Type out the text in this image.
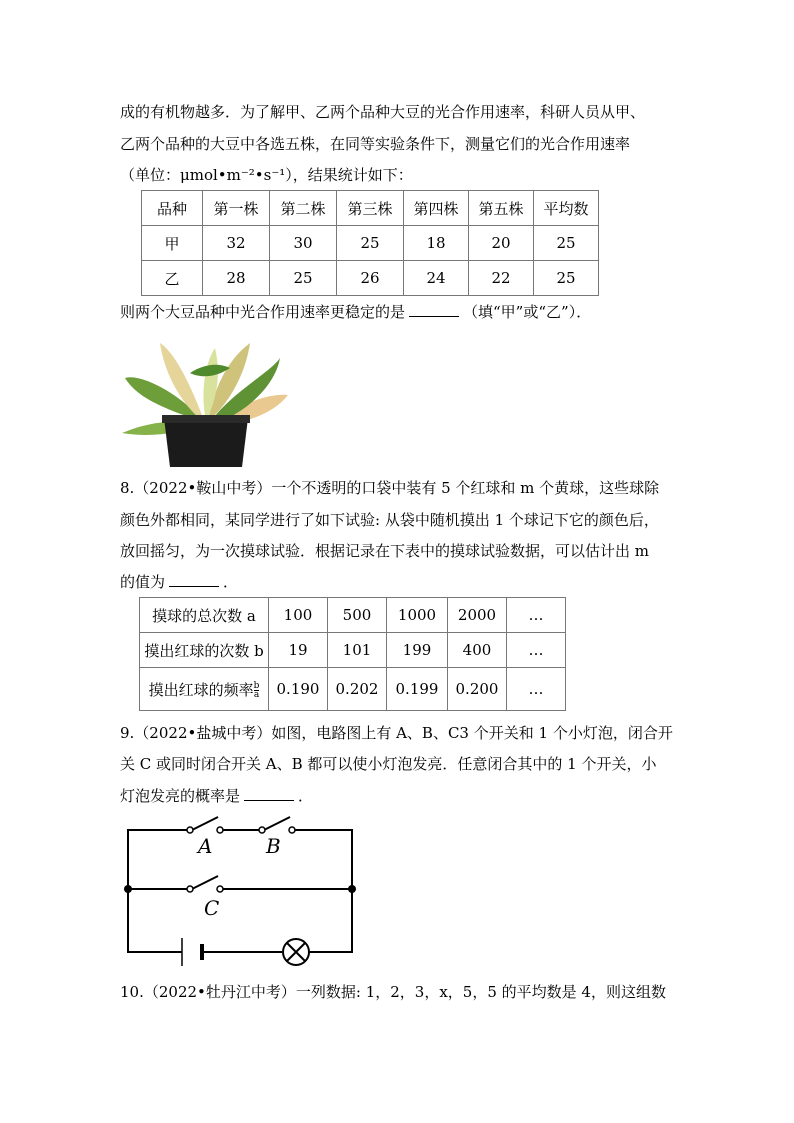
成的有机物越多．为了解甲、乙两个品种大豆的光合作用速率，科研人员从甲、
乙两个品种的大豆中各选五株，在同等实验条件下，测量它们的光合作用速率
（单位：μmol•m⁻²•s⁻¹），结果统计如下：
品种	第一株	第二株	第三株	第四株	第五株	平均数
甲	32	30	25	18	20	25
乙	28	25	26	24	22	25
则两个大豆品种中光合作用速率更稳定的是	（填“甲”或“乙”）．
8.（2022•鞍山中考）一个不透明的口袋中装有 5 个红球和 m 个黄球，这些球除
颜色外都相同，某同学进行了如下试验: 从袋中随机摸出 1 个球记下它的颜色后，
放回摇匀，为一次摸球试验．根据记录在下表中的摸球试验数据，可以估计出 m
的值为	．
摸球的总次数 a	100	500	1000	2000	…
摸出红球的次数 b	19	101	199	400	…
摸出红球的频率 $\frac{b}{a}$	0.190	0.202	0.199	0.200	…
9.（2022•盐城中考）如图，电路图上有 A、B、C3 个开关和 1 个小灯泡，闭合开
关 C 或同时闭合开关 A、B 都可以使小灯泡发亮．任意闭合其中的 1 个开关，小
灯泡发亮的概率是	．
A	B
C
10.（2022•牡丹江中考）一列数据: 1，2，3，x，5，5 的平均数是 4，则这组数
